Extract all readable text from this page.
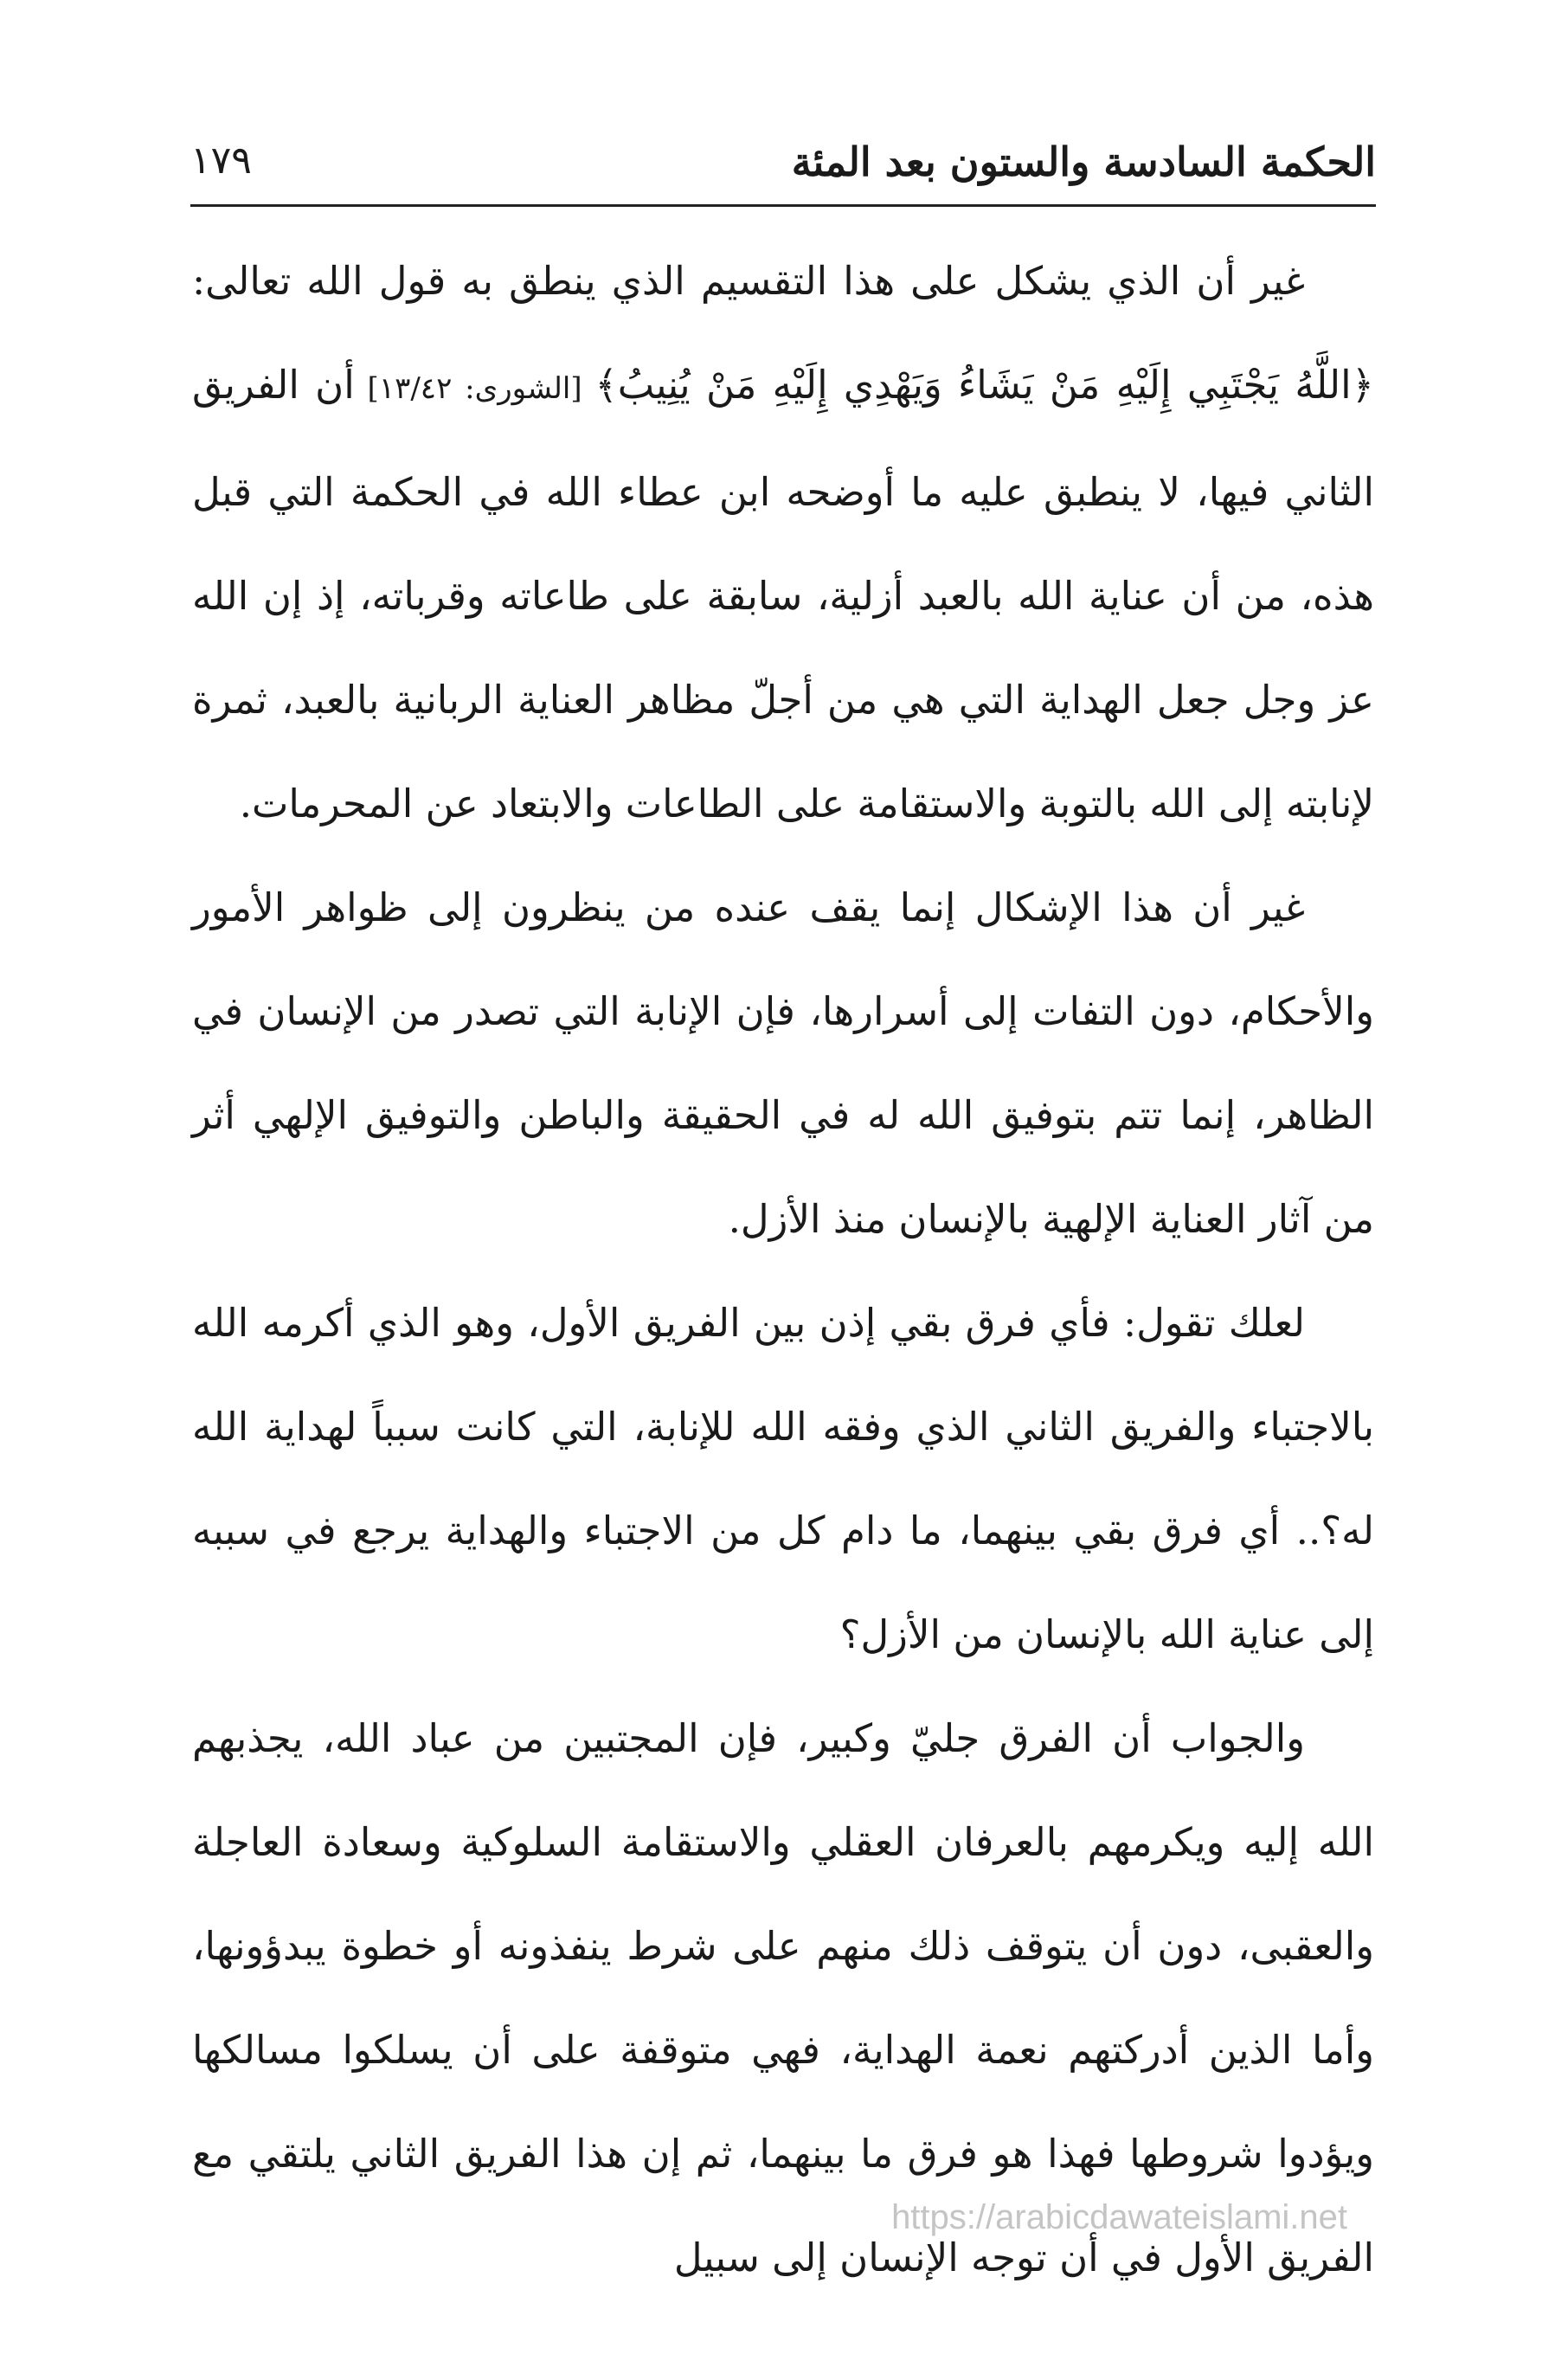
الحكمة السادسة والستون بعد المئة
١٧٩

غير أن الذي يشكل على هذا التقسيم الذي ينطق به قول الله تعالى: ﴿اللَّهُ يَجْتَبِي إِلَيْهِ مَنْ يَشَاءُ وَيَهْدِي إِلَيْهِ مَنْ يُنِيبُ﴾ [الشورى: ١٣/٤٢] أن الفريق الثاني فيها، لا ينطبق عليه ما أوضحه ابن عطاء الله في الحكمة التي قبل هذه، من أن عناية الله بالعبد أزلية، سابقة على طاعاته وقرباته، إذ إن الله عز وجل جعل الهداية التي هي من أجلّ مظاهر العناية الربانية بالعبد، ثمرة لإنابته إلى الله بالتوبة والاستقامة على الطاعات والابتعاد عن المحرمات.

غير أن هذا الإشكال إنما يقف عنده من ينظرون إلى ظواهر الأمور والأحكام، دون التفات إلى أسرارها، فإن الإنابة التي تصدر من الإنسان في الظاهر، إنما تتم بتوفيق الله له في الحقيقة والباطن والتوفيق الإلهي أثر من آثار العناية الإلهية بالإنسان منذ الأزل.

لعلك تقول: فأي فرق بقي إذن بين الفريق الأول، وهو الذي أكرمه الله بالاجتباء والفريق الثاني الذي وفقه الله للإنابة، التي كانت سبباً لهداية الله له؟.. أي فرق بقي بينهما، ما دام كل من الاجتباء والهداية يرجع في سببه إلى عناية الله بالإنسان من الأزل؟

والجواب أن الفرق جليّ وكبير، فإن المجتبين من عباد الله، يجذبهم الله إليه ويكرمهم بالعرفان العقلي والاستقامة السلوكية وسعادة العاجلة والعقبى، دون أن يتوقف ذلك منهم على شرط ينفذونه أو خطوة يبدؤونها، وأما الذين أدركتهم نعمة الهداية، فهي متوقفة على أن يسلكوا مسالكها ويؤدوا شروطها فهذا هو فرق ما بينهما، ثم إن هذا الفريق الثاني يلتقي مع الفريق الأول في أن توجه الإنسان إلى سبيل

https://arabicdawateislami.net
